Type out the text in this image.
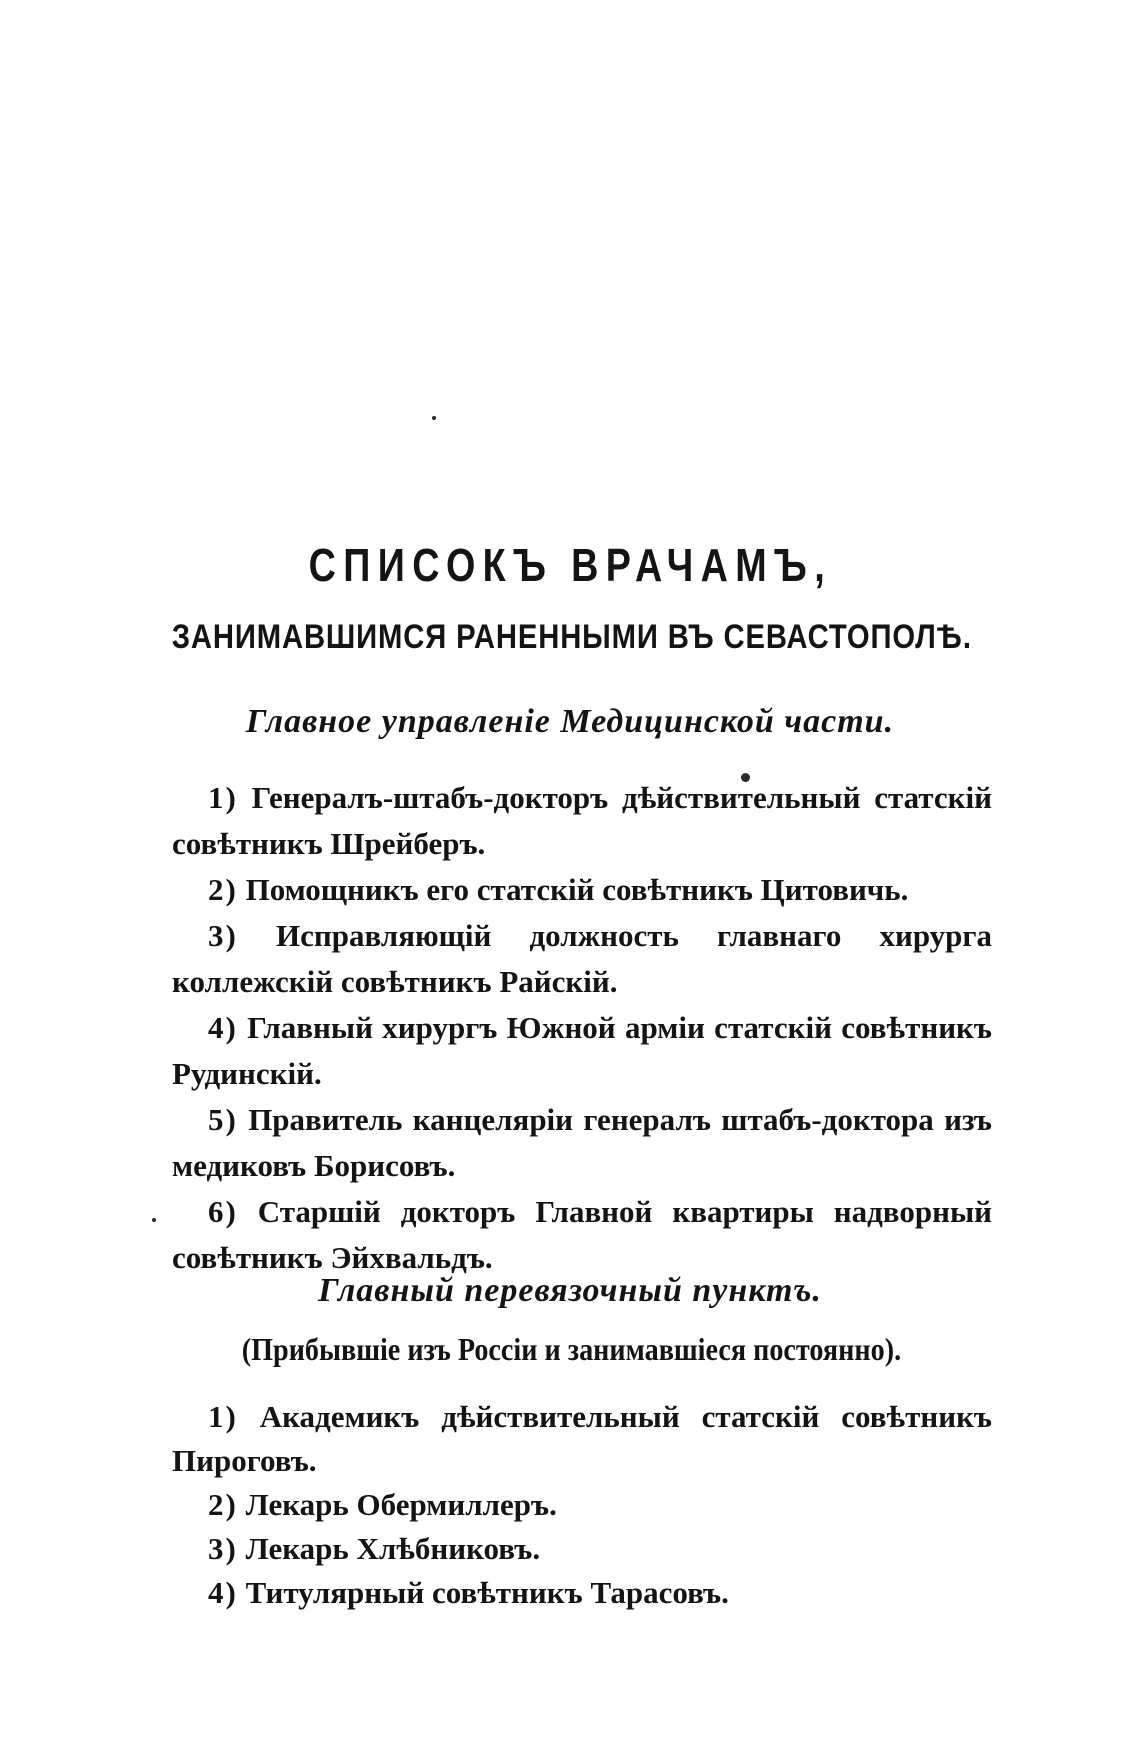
СПИСОКЪ ВРАЧАМЪ,
ЗАНИМАВШИМСЯ РАНЕННЫМИ ВЪ СЕВАСТОПОЛѢ.
Главное управленіе Медицинской части.
1) Генералъ-штабъ-докторъ дѣйствительный статскій совѣтникъ Шрейберъ.
2) Помощникъ его статскій совѣтникъ Цитовичь.
3) Исправляющій должность главнаго хирурга коллежскій совѣтникъ Райскій.
4) Главный хирургъ Южной арміи статскій совѣтникъ Рудинскій.
5) Правитель канцеляріи генералъ штабъ-доктора изъ медиковъ Борисовъ.
6) Старшій докторъ Главной квартиры надворный совѣтникъ Эйхвальдъ.
Главный перевязочный пунктъ.

(Прибывшіе изъ Россіи и занимавшіеся постоянно).

1) Академикъ дѣйствительный статскій совѣтникъ Пироговъ.
2) Лекарь Обермиллеръ.
3) Лекарь Хлѣбниковъ.
4) Титулярный совѣтникъ Тарасовъ.
